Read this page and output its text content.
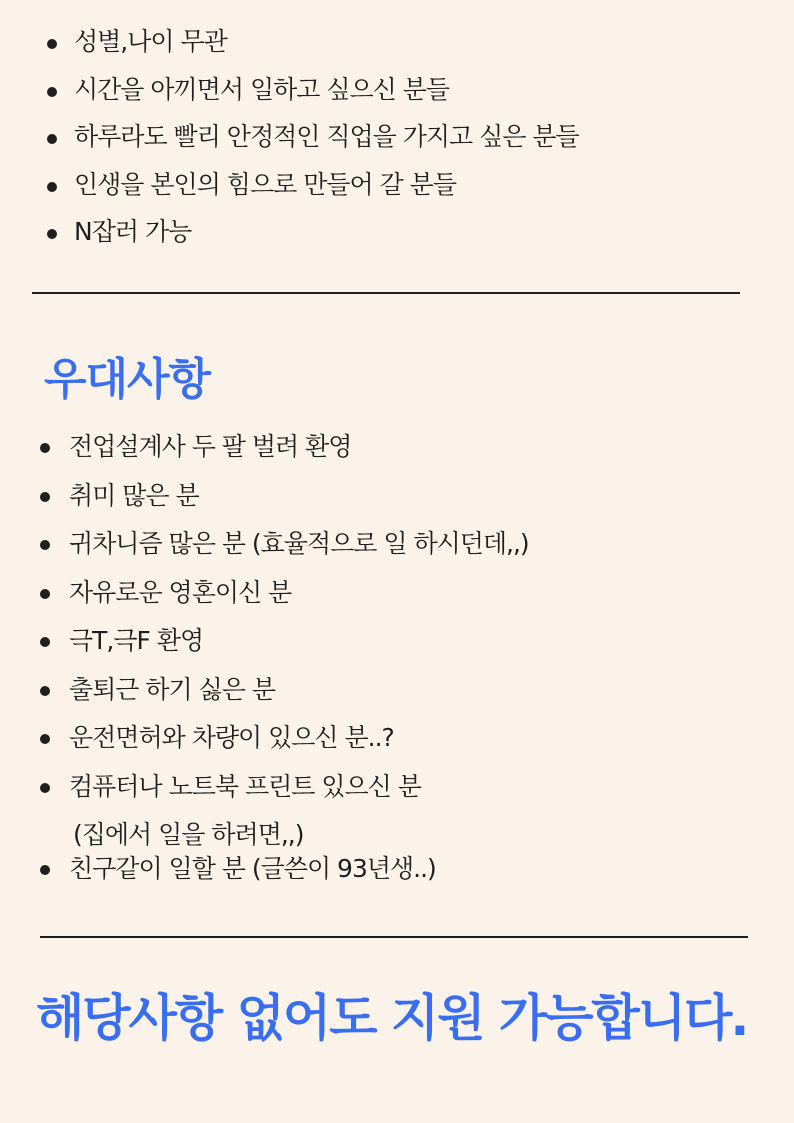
성별,나이 무관
시간을 아끼면서 일하고 싶으신 분들
하루라도 빨리 안정적인 직업을 가지고 싶은 분들
인생을 본인의 힘으로 만들어 갈 분들
N잡러 가능
우대사항
전업설계사 두 팔 벌려 환영
취미 많은 분
귀차니즘 많은 분 (효율적으로 일 하시던데,,)
자유로운 영혼이신 분
극T,극F 환영
출퇴근 하기 싫은 분
운전면허와 차량이 있으신 분..?
컴퓨터나 노트북 프린트 있으신 분
(집에서 일을 하려면,,)
친구같이 일할 분 (글쓴이 93년생..)
해당사항 없어도 지원 가능합니다.
